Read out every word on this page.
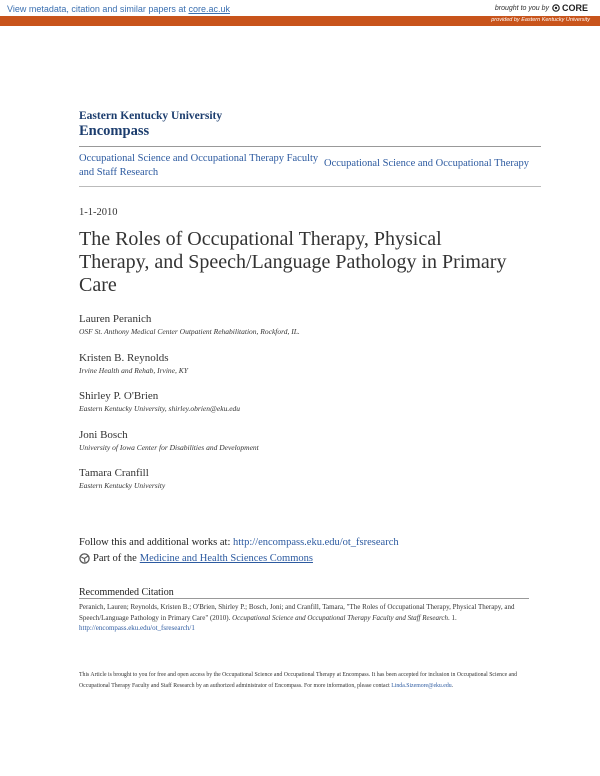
View metadata, citation and similar papers at core.ac.uk	brought to you by CORE
provided by Eastern Kentucky University
Eastern Kentucky University
Encompass
Occupational Science and Occupational Therapy Faculty and Staff Research
Occupational Science and Occupational Therapy
1-1-2010
The Roles of Occupational Therapy, Physical Therapy, and Speech/Language Pathology in Primary Care
Lauren Peranich
OSF St. Anthony Medical Center Outpatient Rehabilitation, Rockford, IL.
Kristen B. Reynolds
Irvine Health and Rehab, Irvine, KY
Shirley P. O'Brien
Eastern Kentucky University, shirley.obrien@eku.edu
Joni Bosch
University of Iowa Center for Disabilities and Development
Tamara Cranfill
Eastern Kentucky University
Follow this and additional works at: http://encompass.eku.edu/ot_fsresearch
Part of the Medicine and Health Sciences Commons
Recommended Citation
Peranich, Lauren; Reynolds, Kristen B.; O'Brien, Shirley P.; Bosch, Joni; and Cranfill, Tamara, "The Roles of Occupational Therapy, Physical Therapy, and Speech/Language Pathology in Primary Care" (2010). Occupational Science and Occupational Therapy Faculty and Staff Research. 1.
http://encompass.eku.edu/ot_fsresearch/1
This Article is brought to you for free and open access by the Occupational Science and Occupational Therapy at Encompass. It has been accepted for inclusion in Occupational Science and Occupational Therapy Faculty and Staff Research by an authorized administrator of Encompass. For more information, please contact Linda.Sizemore@eku.edu.
